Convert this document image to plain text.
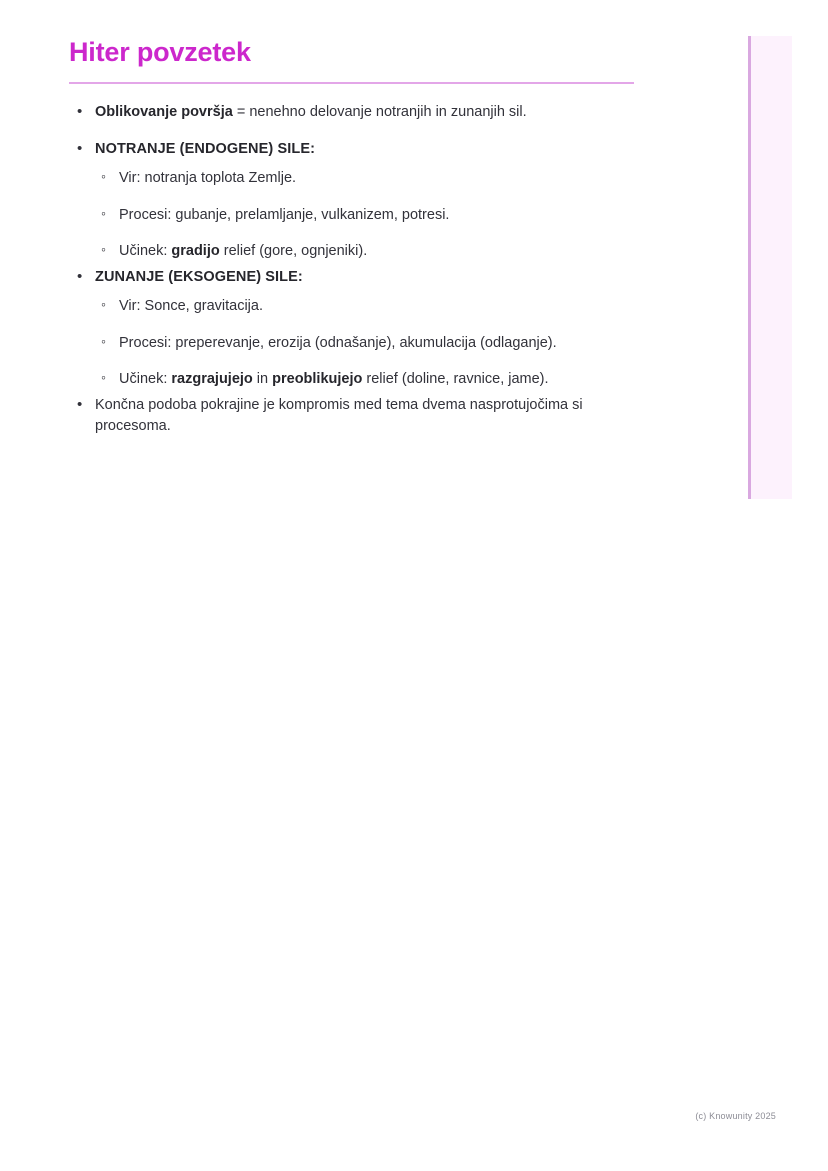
Hiter povzetek
• Oblikovanje površja = nenehno delovanje notranjih in zunanjih sil.
• NOTRANJE (ENDOGENE) SILE:
◦ Vir: notranja toplota Zemlje.
◦ Procesi: gubanje, prelamljanje, vulkanizem, potresi.
◦ Učinek: gradijo relief (gore, ognjeniki).
• ZUNANJE (EKSOGENE) SILE:
◦ Vir: Sonce, gravitacija.
◦ Procesi: preperevanje, erozija (odnašanje), akumulacija (odlaganje).
◦ Učinek: razgrajujejo in preoblikujejo relief (doline, ravnice, jame).
• Končna podoba pokrajine je kompromis med tema dvema nasprotujočima si procesoma.
(c) Knowunity 2025
